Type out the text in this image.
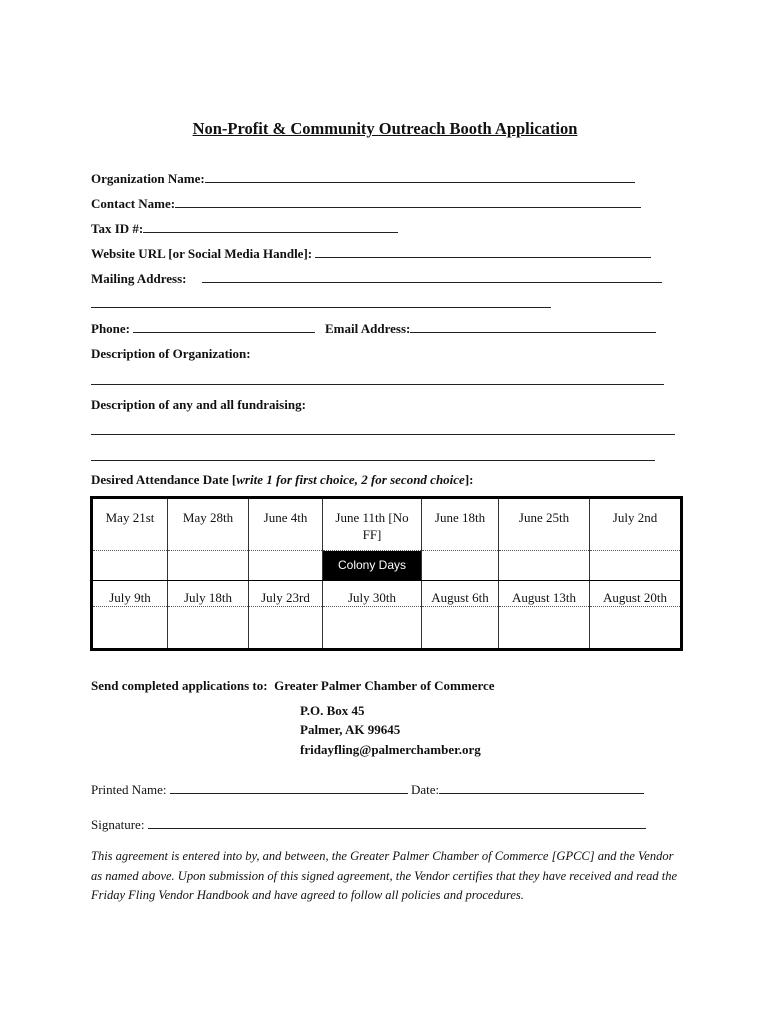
Non-Profit & Community Outreach Booth Application
Organization Name:
Contact Name:
Tax ID #:
Website URL [or Social Media Handle]:
Mailing Address:
Phone:	Email Address:
Description of Organization:
Description of any and all fundraising:
Desired Attendance Date [write 1 for first choice, 2 for second choice]:
May 21st	May 28th	June 4th	June 11th [No FF]	June 18th	June 25th	July 2nd
			Colony Days			
July 9th	July 18th	July 23rd	July 30th	August 6th	August 13th	August 20th

Send completed applications to: Greater Palmer Chamber of Commerce
P.O. Box 45
Palmer, AK 99645
fridayfling@palmerchamber.org
Printed Name:	Date:
Signature:
This agreement is entered into by, and between, the Greater Palmer Chamber of Commerce [GPCC] and the Vendor as named above. Upon submission of this signed agreement, the Vendor certifies that they have received and read the Friday Fling Vendor Handbook and have agreed to follow all policies and procedures.
